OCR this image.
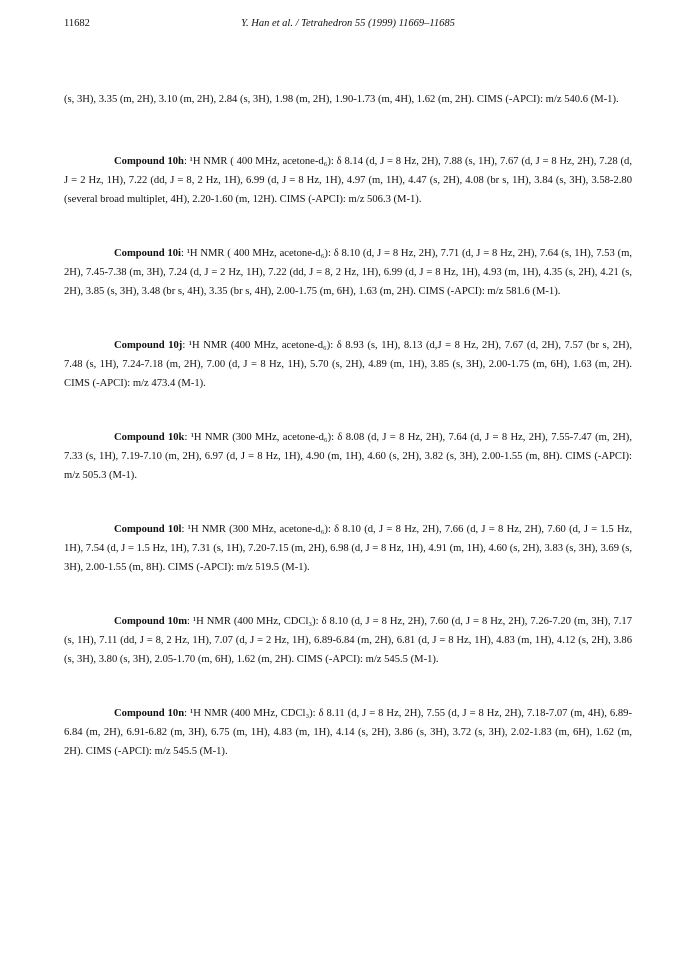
11682	Y. Han et al. / Tetrahedron 55 (1999) 11669–11685

(s, 3H), 3.35 (m, 2H), 3.10 (m, 2H), 2.84 (s, 3H), 1.98 (m, 2H), 1.90-1.73 (m, 4H), 1.62 (m, 2H). CIMS (-APCI): m/z 540.6 (M-1).

Compound 10h: ¹H NMR ( 400 MHz, acetone-d₆): δ 8.14 (d, J = 8 Hz, 2H), 7.88 (s, 1H), 7.67 (d, J = 8 Hz, 2H), 7.28 (d, J = 2 Hz, 1H), 7.22 (dd, J = 8, 2 Hz, 1H), 6.99 (d, J = 8 Hz, 1H), 4.97 (m, 1H), 4.47 (s, 2H), 4.08 (br s, 1H), 3.84 (s, 3H), 3.58-2.80 (several broad multiplet, 4H), 2.20-1.60 (m, 12H). CIMS (-APCI): m/z 506.3 (M-1).

Compound 10i: ¹H NMR ( 400 MHz, acetone-d₆): δ 8.10 (d, J = 8 Hz, 2H), 7.71 (d, J = 8 Hz, 2H), 7.64 (s, 1H), 7.53 (m, 2H), 7.45-7.38 (m, 3H), 7.24 (d, J = 2 Hz, 1H), 7.22 (dd, J = 8, 2 Hz, 1H), 6.99 (d, J = 8 Hz, 1H), 4.93 (m, 1H), 4.35 (s, 2H), 4.21 (s, 2H), 3.85 (s, 3H), 3.48 (br s, 4H), 3.35 (br s, 4H), 2.00-1.75 (m, 6H), 1.63 (m, 2H). CIMS (-APCI): m/z 581.6 (M-1).

Compound 10j: ¹H NMR (400 MHz, acetone-d₆): δ 8.93 (s, 1H), 8.13 (d,J = 8 Hz, 2H), 7.67 (d, 2H), 7.57 (br s, 2H), 7.48 (s, 1H), 7.24-7.18 (m, 2H), 7.00 (d, J = 8 Hz, 1H), 5.70 (s, 2H), 4.89 (m, 1H), 3.85 (s, 3H), 2.00-1.75 (m, 6H), 1.63 (m, 2H). CIMS (-APCI): m/z 473.4 (M-1).

Compound 10k: ¹H NMR (300 MHz, acetone-d₆): δ 8.08 (d, J = 8 Hz, 2H), 7.64 (d, J = 8 Hz, 2H), 7.55-7.47 (m, 2H), 7.33 (s, 1H), 7.19-7.10 (m, 2H), 6.97 (d, J = 8 Hz, 1H), 4.90 (m, 1H), 4.60 (s, 2H), 3.82 (s, 3H), 2.00-1.55 (m, 8H). CIMS (-APCI): m/z 505.3 (M-1).

Compound 10l: ¹H NMR (300 MHz, acetone-d₆): δ 8.10 (d, J = 8 Hz, 2H), 7.66 (d, J = 8 Hz, 2H), 7.60 (d, J = 1.5 Hz, 1H), 7.54 (d, J = 1.5 Hz, 1H), 7.31 (s, 1H), 7.20-7.15 (m, 2H), 6.98 (d, J = 8 Hz, 1H), 4.91 (m, 1H), 4.60 (s, 2H), 3.83 (s, 3H), 3.69 (s, 3H), 2.00-1.55 (m, 8H). CIMS (-APCI): m/z 519.5 (M-1).

Compound 10m: ¹H NMR (400 MHz, CDCl₃): δ 8.10 (d, J = 8 Hz, 2H), 7.60 (d, J = 8 Hz, 2H), 7.26-7.20 (m, 3H), 7.17 (s, 1H), 7.11 (dd, J = 8, 2 Hz, 1H), 7.07 (d, J = 2 Hz, 1H), 6.89-6.84 (m, 2H), 6.81 (d, J = 8 Hz, 1H), 4.83 (m, 1H), 4.12 (s, 2H), 3.86 (s, 3H), 3.80 (s, 3H), 2.05-1.70 (m, 6H), 1.62 (m, 2H). CIMS (-APCI): m/z 545.5 (M-1).

Compound 10n: ¹H NMR (400 MHz, CDCl₃): δ 8.11 (d, J = 8 Hz, 2H), 7.55 (d, J = 8 Hz, 2H), 7.18-7.07 (m, 4H), 6.89-6.84 (m, 2H), 6.91-6.82 (m, 3H), 6.75 (m, 1H), 4.83 (m, 1H), 4.14 (s, 2H), 3.86 (s, 3H), 3.72 (s, 3H), 2.02-1.83 (m, 6H), 1.62 (m, 2H). CIMS (-APCI): m/z 545.5 (M-1).
